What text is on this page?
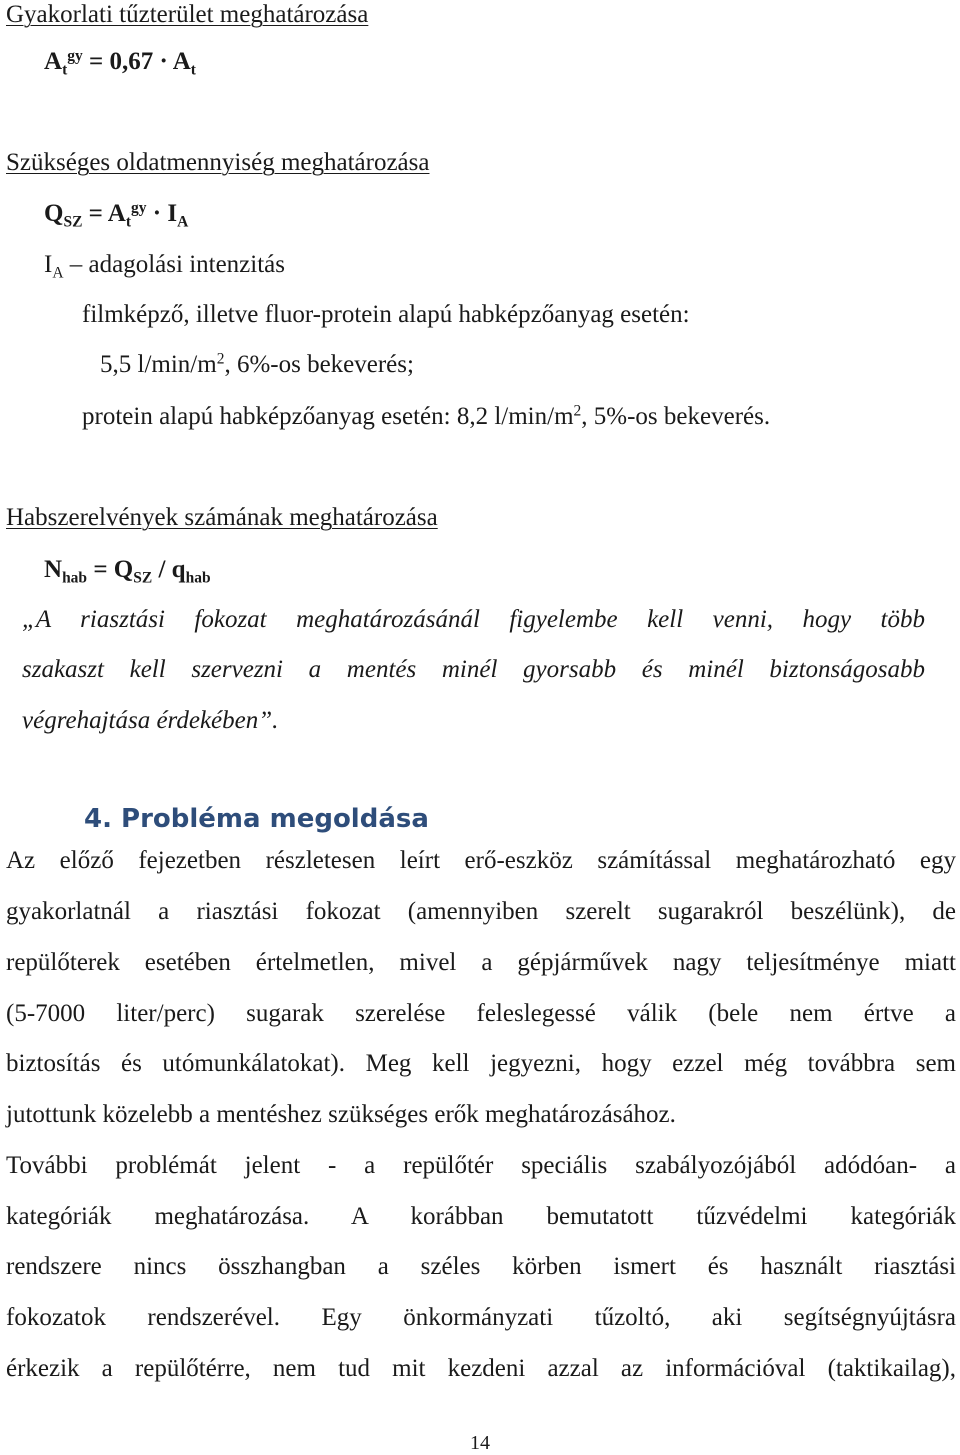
Gyakorlati tűzterület meghatározása
$A_t^{gy} = 0,67 \cdot A_t$
Szükséges oldatmennyiség meghatározása
$Q_{SZ} = A_t^{gy} \cdot I_A$
$I_A$ – adagolási intenzitás
filmképző, illetve fluor-protein alapú habképzőanyag esetén:
5,5 $l/\min/m^2$, 6%-os bekeverés;
protein alapú habképzőanyag esetén: 8,2 $l/\min/m^2$, 5%-os bekeverés.
Habszerelvények számának meghatározása
$N_{hab} = Q_{SZ} / q_{hab}$
„A riasztási fokozat meghatározásánál figyelembe kell venni, hogy több
szakaszt kell szervezni a mentés minél gyorsabb és minél biztonságosabb
végrehajtása érdekében”.
4. Probléma megoldása
Az előző fejezetben részletesen leírt erő-eszköz számítással meghatározható egy
gyakorlatnál a riasztási fokozat (amennyiben szerelt sugarakról beszélünk), de
repülőterek esetében értelmetlen, mivel a gépjárművek nagy teljesítménye miatt
(5-7000 liter/perc) sugarak szerelése feleslegessé válik (bele nem értve a
biztosítás és utómunkálatokat). Meg kell jegyezni, hogy ezzel még továbbra sem
jutottunk közelebb a mentéshez szükséges erők meghatározásához.
További problémát jelent - a repülőtér speciális szabályozójából adódóan- a
kategóriák meghatározása. A korábban bemutatott tűzvédelmi kategóriák
rendszere nincs összhangban a széles körben ismert és használt riasztási
fokozatok rendszerével. Egy önkormányzati tűzoltó, aki segítségnyújtásra
érkezik a repülőtérre, nem tud mit kezdeni azzal az információval (taktikailag),
14
